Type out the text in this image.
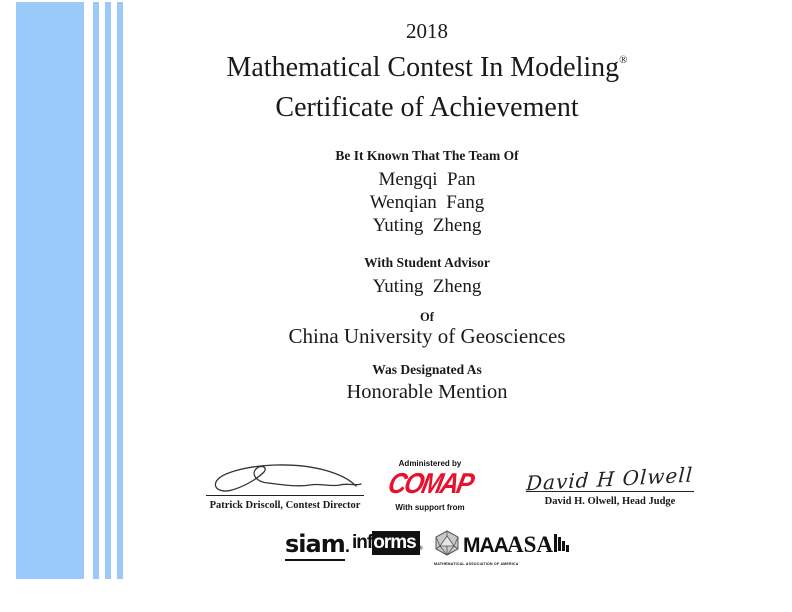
2018
Mathematical Contest In Modeling®
Certificate of Achievement
Be It Known That The Team Of
Mengqi  Pan
Wenqian  Fang
Yuting  Zheng
With Student Advisor
Yuting  Zheng
Of
China University of Geosciences
Was Designated As
Honorable Mention
Patrick Driscoll, Contest Director
Administered by
COMAP
With support from
David H Olwell
David H. Olwell, Head Judge
siam. informs ® MAA
MATHEMATICAL ASSOCIATION OF AMERICA
ASA
